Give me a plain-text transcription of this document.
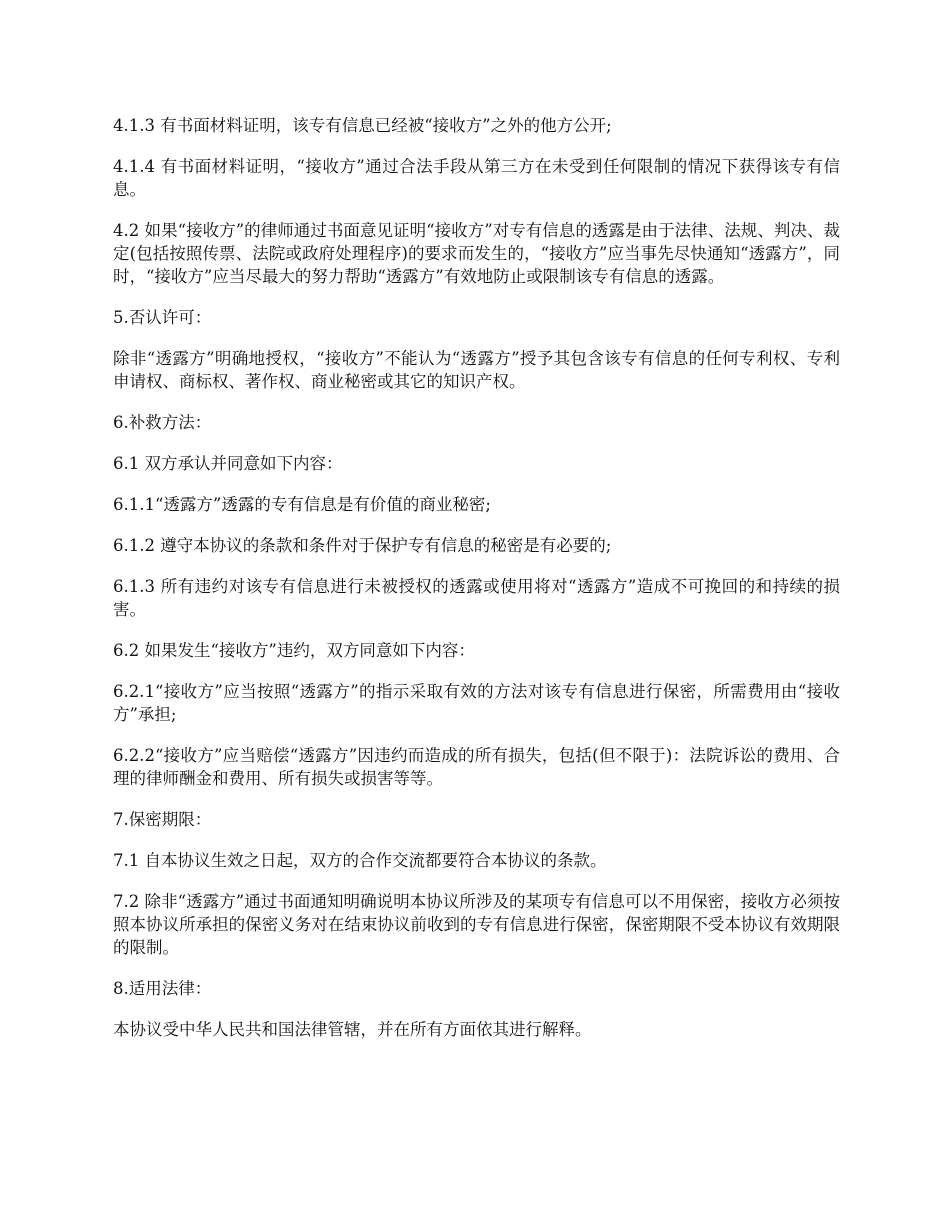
4.1.3 有书面材料证明，该专有信息已经被“接收方”之外的他方公开;

4.1.4 有书面材料证明，“接收方”通过合法手段从第三方在未受到任何限制的情况下获得该专有信息。

4.2 如果“接收方”的律师通过书面意见证明“接收方”对专有信息的透露是由于法律、法规、判决、裁定(包括按照传票、法院或政府处理程序)的要求而发生的，“接收方”应当事先尽快通知“透露方”，同时，“接收方”应当尽最大的努力帮助“透露方”有效地防止或限制该专有信息的透露。

5.否认许可：

除非“透露方”明确地授权，“接收方”不能认为“透露方”授予其包含该专有信息的任何专利权、专利申请权、商标权、著作权、商业秘密或其它的知识产权。

6.补救方法：

6.1 双方承认并同意如下内容：

6.1.1“透露方”透露的专有信息是有价值的商业秘密;

6.1.2 遵守本协议的条款和条件对于保护专有信息的秘密是有必要的;

6.1.3 所有违约对该专有信息进行未被授权的透露或使用将对“透露方”造成不可挽回的和持续的损害。

6.2 如果发生“接收方”违约，双方同意如下内容：

6.2.1“接收方”应当按照“透露方”的指示采取有效的方法对该专有信息进行保密，所需费用由“接收方”承担;

6.2.2“接收方”应当赔偿“透露方”因违约而造成的所有损失，包括(但不限于)：法院诉讼的费用、合理的律师酬金和费用、所有损失或损害等等。

7.保密期限：

7.1 自本协议生效之日起，双方的合作交流都要符合本协议的条款。

7.2 除非“透露方”通过书面通知明确说明本协议所涉及的某项专有信息可以不用保密，接收方必须按照本协议所承担的保密义务对在结束协议前收到的专有信息进行保密，保密期限不受本协议有效期限的限制。

8.适用法律：

本协议受中华人民共和国法律管辖，并在所有方面依其进行解释。
